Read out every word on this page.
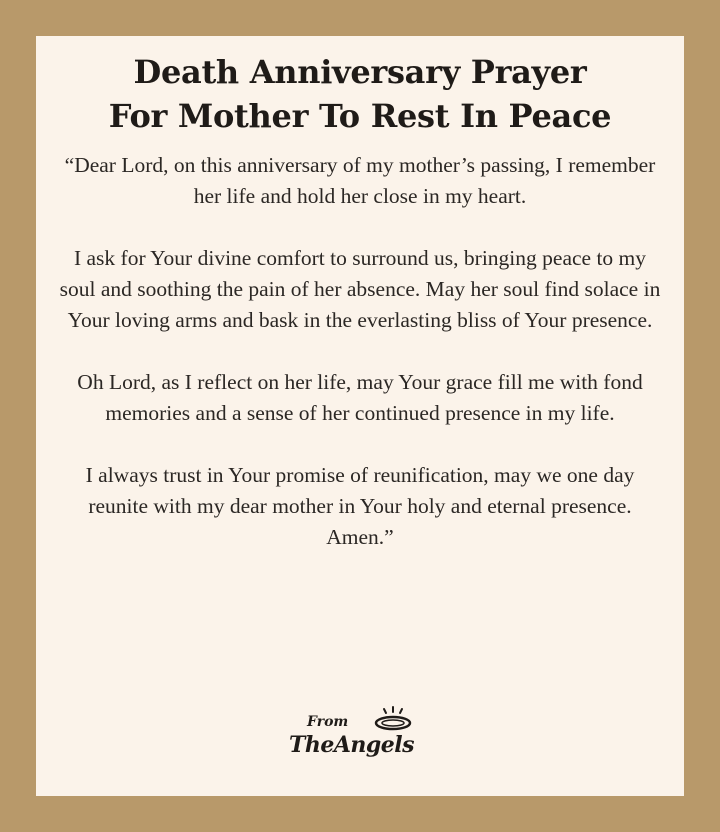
Death Anniversary Prayer
For Mother To Rest In Peace

“Dear Lord, on this anniversary of my mother’s passing, I remember her life and hold her close in my heart.

I ask for Your divine comfort to surround us, bringing peace to my soul and soothing the pain of her absence. May her soul find solace in Your loving arms and bask in the everlasting bliss of Your presence.

Oh Lord, as I reflect on her life, may Your grace fill me with fond memories and a sense of her continued presence in my life.

I always trust in Your promise of reunification, may we one day reunite with my dear mother in Your holy and eternal presence. Amen.”

From
TheAngels
